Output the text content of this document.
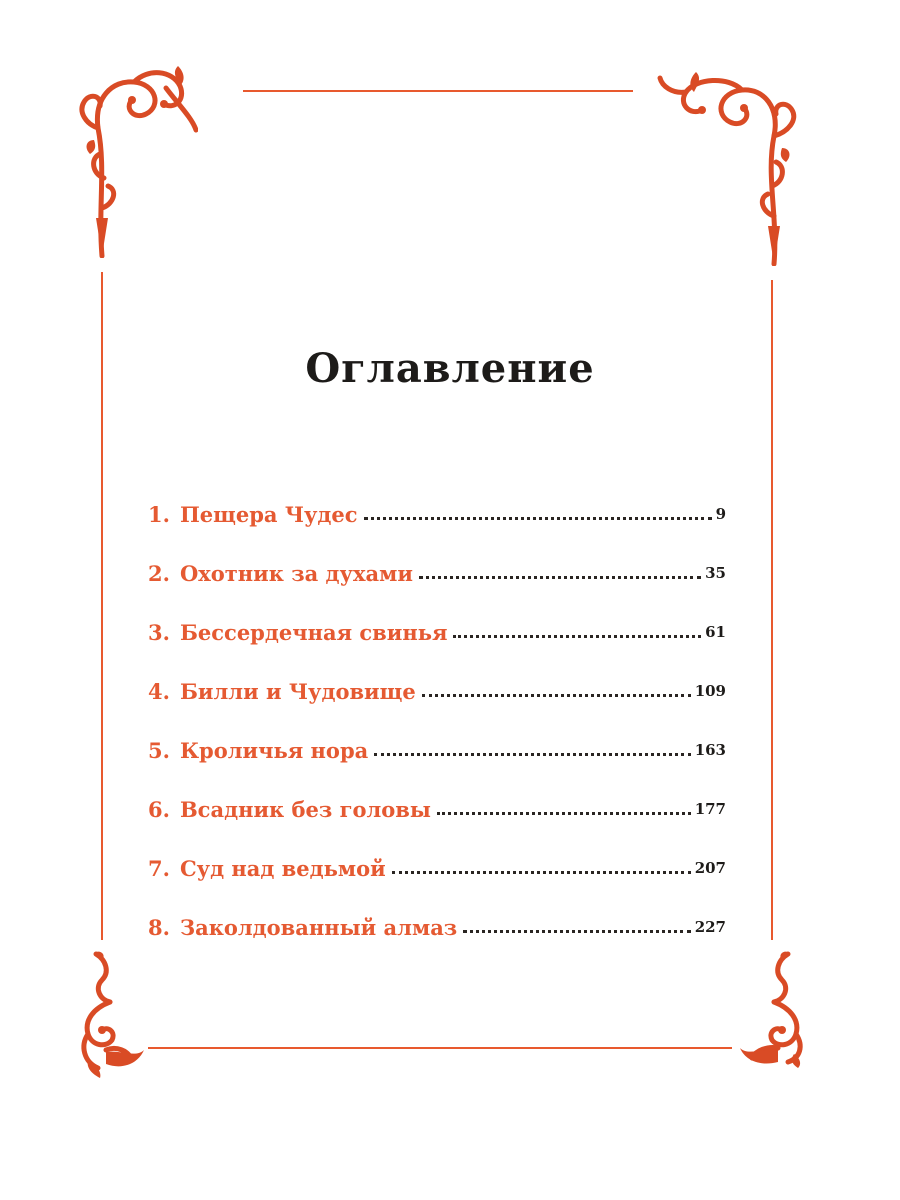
Оглавление
1. Пещера Чудес	9
2. Охотник за духами	35
3. Бессердечная свинья	61
4. Билли и Чудовище	109
5. Кроличья нора	163
6. Всадник без головы	177
7. Суд над ведьмой	207
8. Заколдованный алмаз	227
